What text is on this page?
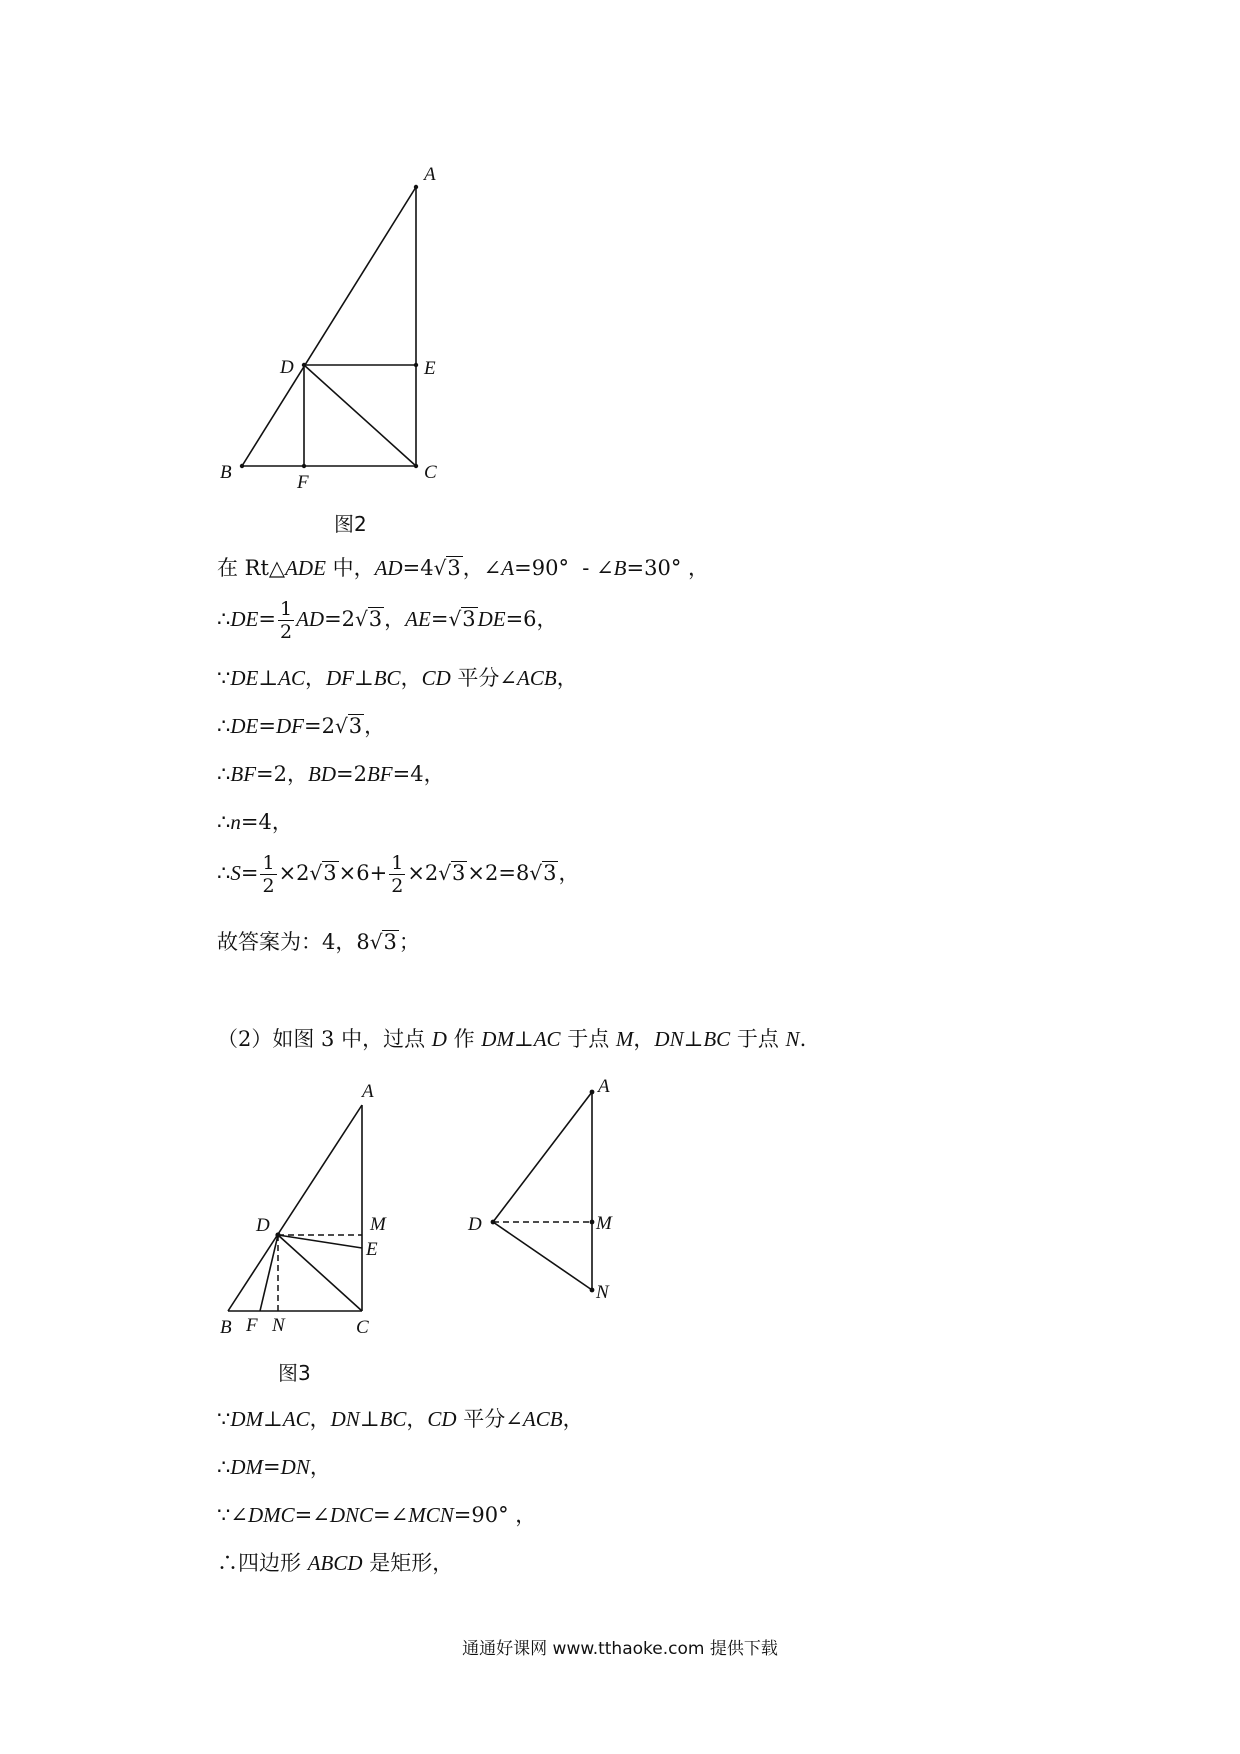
A
D	E
B	F	C
图2
在 Rt△ADE 中，AD=4√3，∠A=90°  - ∠B=30° ，
∴DE= $\frac{1}{2} AD=2√3$，AE=√3DE=6，
∵DE⊥AC，DF⊥BC，CD 平分∠ACB，
∴DE=DF=2√3，
∴BF=2，BD=2BF=4，
∴n=4，
∴S= $\frac{1}{2} \times 2√3\times 6+ \frac{1}{2} \times 2√3\times 2=8√3$，
故答案为：4，8√3；
（2）如图 3 中，过点 D 作 DM⊥AC 于点 M，DN⊥BC 于点 N.
A
D	M
E
B F N	C
A
D	M
N
图3
∵DM⊥AC，DN⊥BC，CD 平分∠ACB，
∴DM=DN，
∵∠DMC=∠DNC=∠MCN=90° ，
∴四边形 ABCD 是矩形，
通通好课网 www.tthaoke.com 提供下载
